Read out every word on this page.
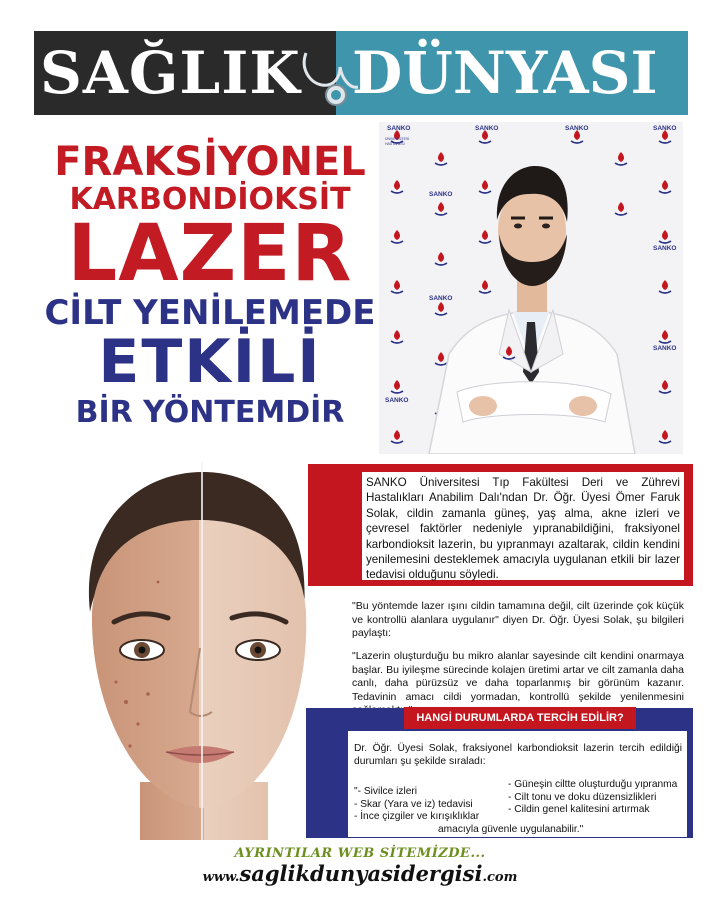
SAĞLIK DÜNYASI
FRAKSİYONEL
KARBONDİOKSİT
LAZER
CİLT YENİLEMEDE
ETKİLİ
BİR YÖNTEMDİR
SANKO	SANKO	SANKO	SANKO
SANKO
SANKO
SANKO
SANKO
SANKO
ÜNİVERSİTESİ
HASTANESİ
SANKO Üniversitesi Tıp Fakültesi Deri ve Zührevi Hastalıkları Anabilim Dalı'ndan Dr. Öğr. Üyesi Ömer Faruk Solak, cildin zamanla güneş, yaş alma, akne izleri ve çevresel faktörler nedeniyle yıpranabildiğini, fraksiyonel karbondioksit lazerin, bu yıpranmayı azaltarak, cildin kendini yenilemesini desteklemek amacıyla uygulanan etkili bir lazer tedavisi olduğunu söyledi.
"Bu yöntemde lazer ışını cildin tamamına değil, cilt üzerinde çok küçük ve kontrollü alanlara uygulanır" diyen Dr. Öğr. Üyesi Solak, şu bilgileri paylaştı:
"Lazerin oluşturduğu bu mikro alanlar sayesinde cilt kendini onarmaya başlar. Bu iyileşme sürecinde kolajen üretimi artar ve cilt zamanla daha canlı, daha pürüzsüz ve daha toparlanmış bir görünüm kazanır. Tedavinin amacı cildi yormadan, kontrollü şekilde yenilenmesini
HANGİ DURUMLARDA TERCİH EDİLİR?
Dr. Öğr. Üyesi Solak, fraksiyonel karbondioksit lazerin tercih edildiği durumları şu şekilde sıraladı:
"- Sivilce izleri
- Skar (Yara ve iz) tedavisi
- İnce çizgiler ve kırışıklıklar
- Güneşin ciltte oluşturduğu yıpranma
- Cilt tonu ve doku düzensizlikleri
- Cildin genel kalitesini artırmak
amacıyla güvenle uygulanabilir."
AYRINTILAR WEB SİTEMİZDE...
www.saglikdunyasidergisi.com
